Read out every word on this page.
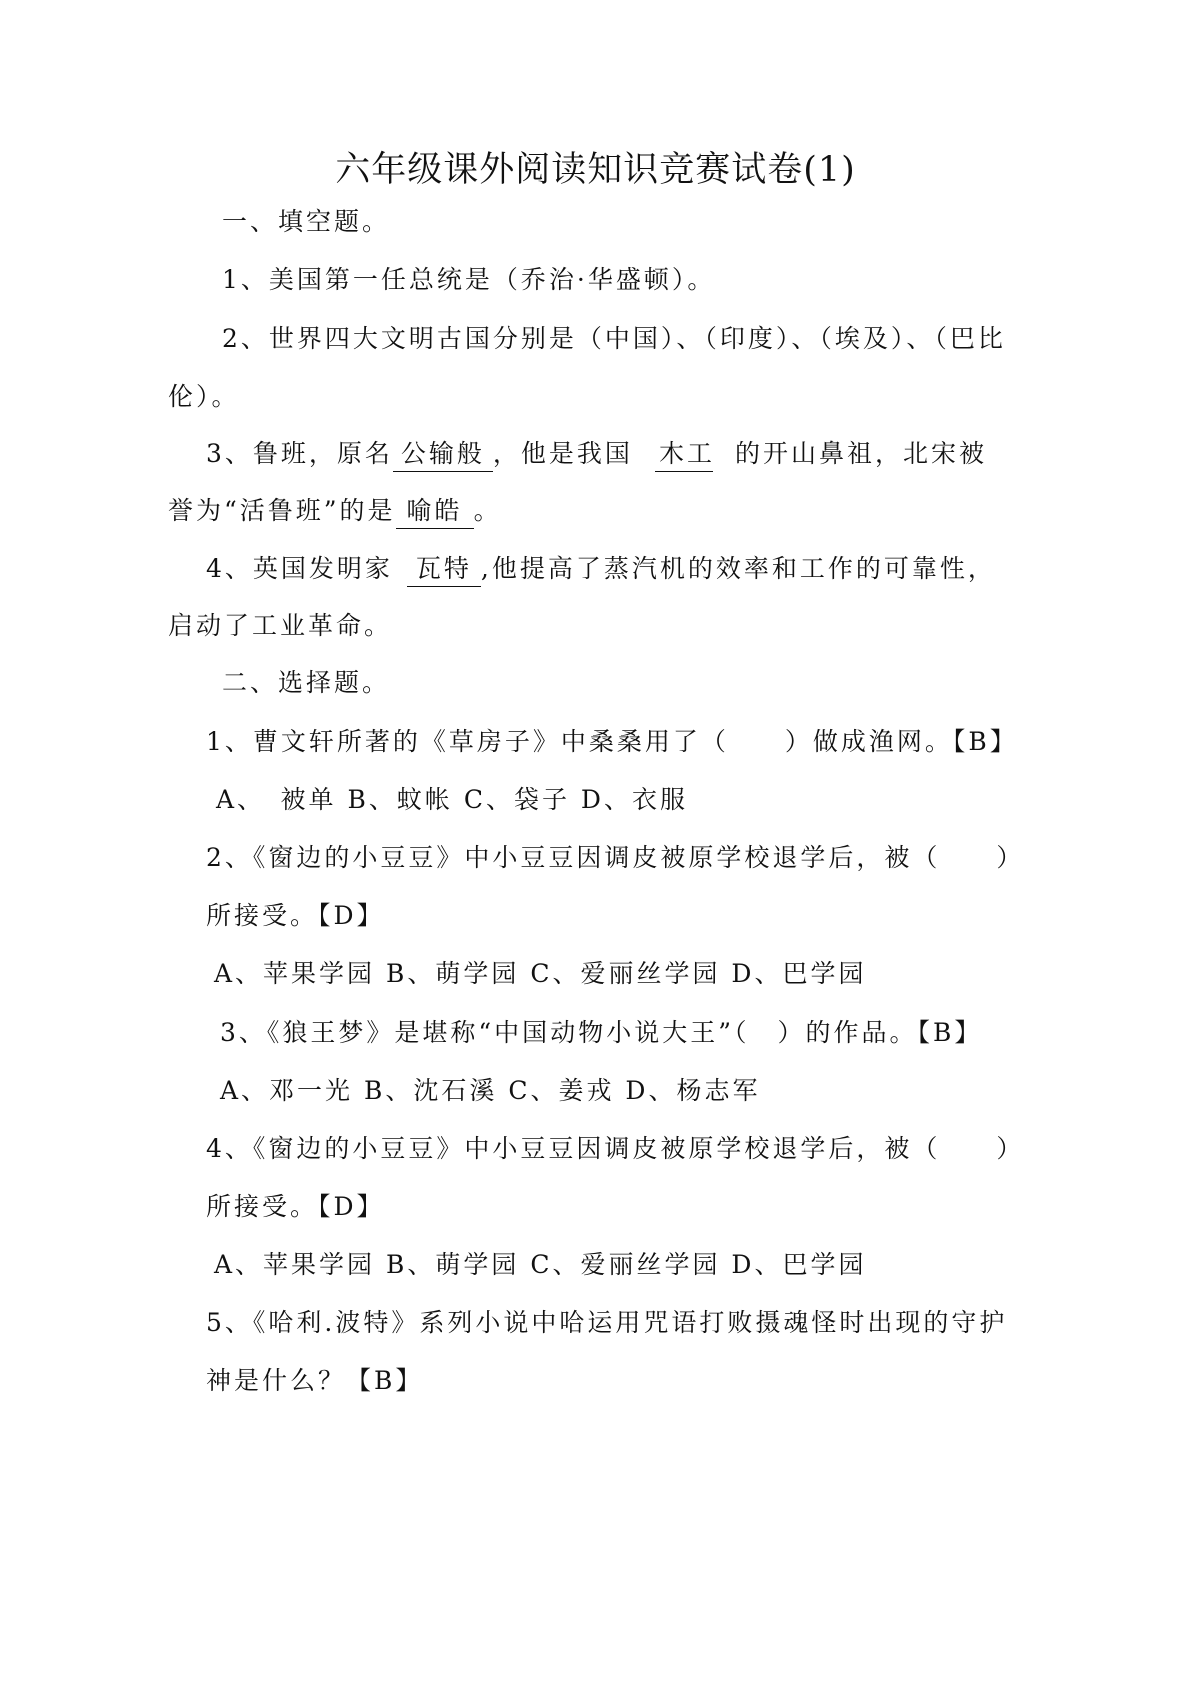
六年级课外阅读知识竞赛试卷(1)
一、填空题。
1、美国第一任总统是（乔治·华盛顿）。
2、世界四大文明古国分别是（中国）、（印度）、（埃及）、（巴比
伦）。
3、鲁班，原名 公输般 ，他是我国 木工 的开山鼻祖，北宋被
誉为“活鲁班”的是 喻皓 。
4、英国发明家 瓦特 ,他提高了蒸汽机的效率和工作的可靠性，
启动了工业革命。
二、选择题。
1、曹文轩所著的《草房子》中桑桑用了（　　）做成渔网。【B】
A、　被单 B、蚊帐 C、袋子 D、衣服
2、《窗边的小豆豆》中小豆豆因调皮被原学校退学后，被（　　）
所接受。【D】
A、苹果学园 B、萌学园 C、爱丽丝学园 D、巴学园
3、《狼王梦》是堪称“中国动物小说大王”（　）的作品。【B】
A、邓一光 B、沈石溪 C、姜戎 D、杨志军
4、《窗边的小豆豆》中小豆豆因调皮被原学校退学后，被（　　）
所接受。【D】
A、苹果学园 B、萌学园 C、爱丽丝学园 D、巴学园
5、《哈利.波特》系列小说中哈运用咒语打败摄魂怪时出现的守护
神是什么？【B】
